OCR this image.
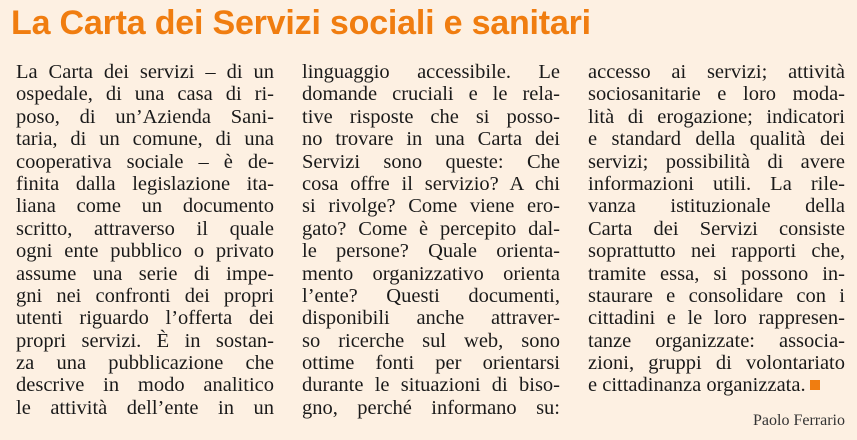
La Carta dei Servizi sociali e sanitari
La Carta dei servizi – di un
ospedale, di una casa di ri-
poso, di un’Azienda Sani-
taria, di un comune, di una
cooperativa sociale – è de-
finita dalla legislazione ita-
liana come un documento
scritto, attraverso il quale
ogni ente pubblico o privato
assume una serie di impe-
gni nei confronti dei propri
utenti riguardo l’offerta dei
propri servizi. È in sostan-
za una pubblicazione che
descrive in modo analitico
le attività dell’ente in un
linguaggio accessibile. Le
domande cruciali e le rela-
tive risposte che si posso-
no trovare in una Carta dei
Servizi sono queste: Che
cosa offre il servizio? A chi
si rivolge? Come viene ero-
gato? Come è percepito dal-
le persone? Quale orienta-
mento organizzativo orienta
l’ente? Questi documenti,
disponibili anche attraver-
so ricerche sul web, sono
ottime fonti per orientarsi
durante le situazioni di biso-
gno, perché informano su:
accesso ai servizi; attività
sociosanitarie e loro moda-
lità di erogazione; indicatori
e standard della qualità dei
servizi; possibilità di avere
informazioni utili. La rile-
vanza istituzionale della
Carta dei Servizi consiste
soprattutto nei rapporti che,
tramite essa, si possono in-
staurare e consolidare con i
cittadini e le loro rappresen-
tanze organizzate: associa-
zioni, gruppi di volontariato
e cittadinanza organizzata.
Paolo Ferrario
